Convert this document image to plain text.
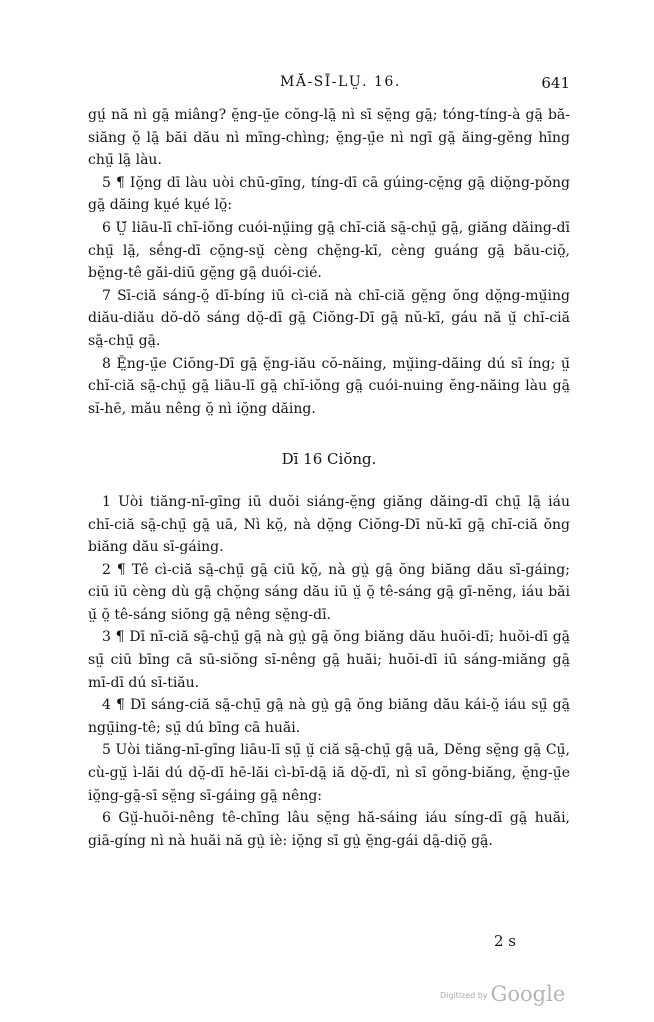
MĂ-SĪ-LṲ. 16.	641

gṳ́ nă nì gā̤ miâng? ĕ̤ng-ṳ̄e cŏng-lā̤ nì sī sĕ̤ng gā̤; tóng-tíng-à gā̤ bă-siăng ŏ̤ lā̤ băi dău nì mīng-chìng; ĕ̤ng-ṳ̄e nì ngī gā̤ ăing-gĕng hīng chṳ̄ lā̤ làu.

5 ¶ Iŏ̤ng dī làu uòi chū-gīng, tíng-dī cā gúing-cĕ̤ng gā̤ diŏ̤ng-pŏng gā̤ dăing kṳé kṳé lŏ̤:

6 Ṳ̆ liāu-lī chĭ-iŏng cuói-nṳ̆ing gā̤ chĭ-ciă sā̤-chṳ̄ gā̤, giăng dăing-dī chṳ̄ lā̤, sḗng-dī cŏ̤ng-sṳ̆ cèng chĕ̤ng-kī, cèng guáng gā̤ bău-ciŏ̤, bĕ̤ng-tê găi-diū gĕ̤ng gā̤ duói-cié.

7 Sī-ciă sáng-ŏ̤ dī-bíng iū cì-ciă nà chĭ-ciă gĕ̤ng ŏng dŏ̤ng-mṳ̆ing diău-diău dŏ-dŏ sáng dŏ̤-dī gā̤ Ciŏng-Dī gā̤ nŭ-kī, gáu nă ṳ̆ chĭ-ciă sā̤-chṳ̄ gā̤.

8 Ĕ̤ng-ṳ̄e Ciŏng-Dī gā̤ ĕ̤ng-iău cŏ-năing, mṳ̆ing-dăing dú sī íng; ṳ̆ chĭ-ciă sā̤-chṳ̄ gā̤ liāu-lī gā̤ chĭ-iŏng gā̤ cuói-nuing ĕng-năing làu gā̤ sĭ-hē, mău nêng ŏ̤ nì iŏ̤ng dăing.

Dī 16 Ciŏng.

1 Uòi tiăng-nī-gīng iū duŏi siáng-ĕ̤ng giăng dăing-dī chṳ̄ lā̤ iáu chĭ-ciă sā̤-chṳ̄ gā̤ uā, Nì kŏ̤, nà dŏ̤ng Ciŏng-Dī nŭ-kī gā̤ chĭ-ciă ŏng biăng dău sī-gáing.

2 ¶ Tê cì-ciă sā̤-chṳ̄ gā̤ ciū kŏ̤, nà gṳ̀ gā̤ ŏng biăng dău sī-gáing; ciū iū cèng dù gā̤ chŏ̤ng sáng dău iū ṳ̆ ŏ̤ tê-sáng gā̤ gī-nĕng, iáu băi ṳ̆ ŏ̤ tê-sáng siŏng gā̤ nêng sĕ̤ng-dī.

3 ¶ Dī nī-ciă sā̤-chṳ̄ gā̤ nà gṳ̀ gā̤ ŏng biăng dău huŏi-dī; huŏi-dī gā̤ sṳ̄ ciū bīng cā sū-siŏng sĭ-nêng gā̤ huăi; huŏi-dī iū sáng-miăng gā̤ mī-dī dú sī-tiău.

4 ¶ Dī sáng-ciă sā̤-chṳ̄ gā̤ nà gṳ̀ gā̤ ŏng biăng dău kái-ŏ̤ iáu sṳ̄ gā̤ ngṳ̄ing-tê; sṳ̄ dú bīng cā huăi.

5 Uòi tiăng-nī-gīng liāu-lī sṳ̄ ṳ̆ ciă sā̤-chṳ̄ gā̤ uā, Dĕng sĕ̤ng gā̤ Cṳ̄, cù-gṳ̆ ì-lăi dú dŏ̤-dī hē-lăi cì-bī-dā̤ iă dŏ̤-dī, nì sī gŏng-biăng, ĕ̤ng-ṳ̄e iŏ̤ng-gā̤-sī sĕ̤ng sī-gáing gā̤ nêng:

6 Gṳ̆-huŏi-nêng tê-chīng lâu sĕ̤ng hă-sáing iáu síng-dī gā̤ huăi, giā-gíng nì nà huăi nă gṳ̀ iè: iŏ̤ng sī gṳ̀ ĕ̤ng-gái dā̤-diŏ̤ gā̤.

2 s
Digitized by Google
